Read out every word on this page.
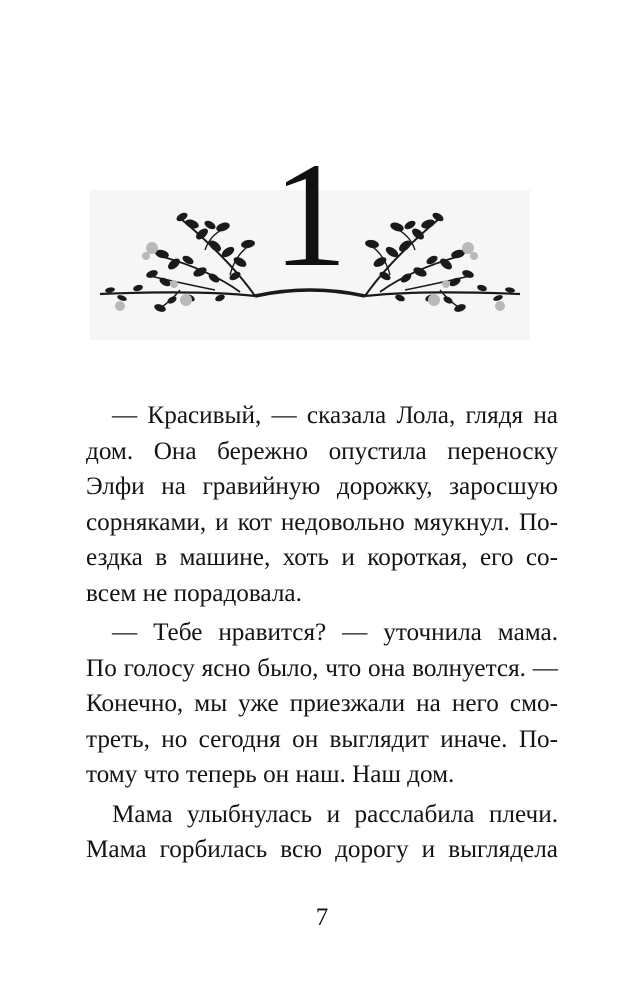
1
— Красивый, — сказала Лола, глядя на
дом. Она бережно опустила переноску
Элфи на гравийную дорожку, заросшую
сорняками, и кот недовольно мяукнул. По-
ездка в машине, хоть и короткая, его со-
всем не порадовала.
— Тебе нравится? — уточнила мама.
По голосу ясно было, что она волнуется. —
Конечно, мы уже приезжали на него смо-
треть, но сегодня он выглядит иначе. По-
тому что теперь он наш. Наш дом.
Мама улыбнулась и расслабила плечи.
Мама горбилась всю дорогу и выглядела
7
